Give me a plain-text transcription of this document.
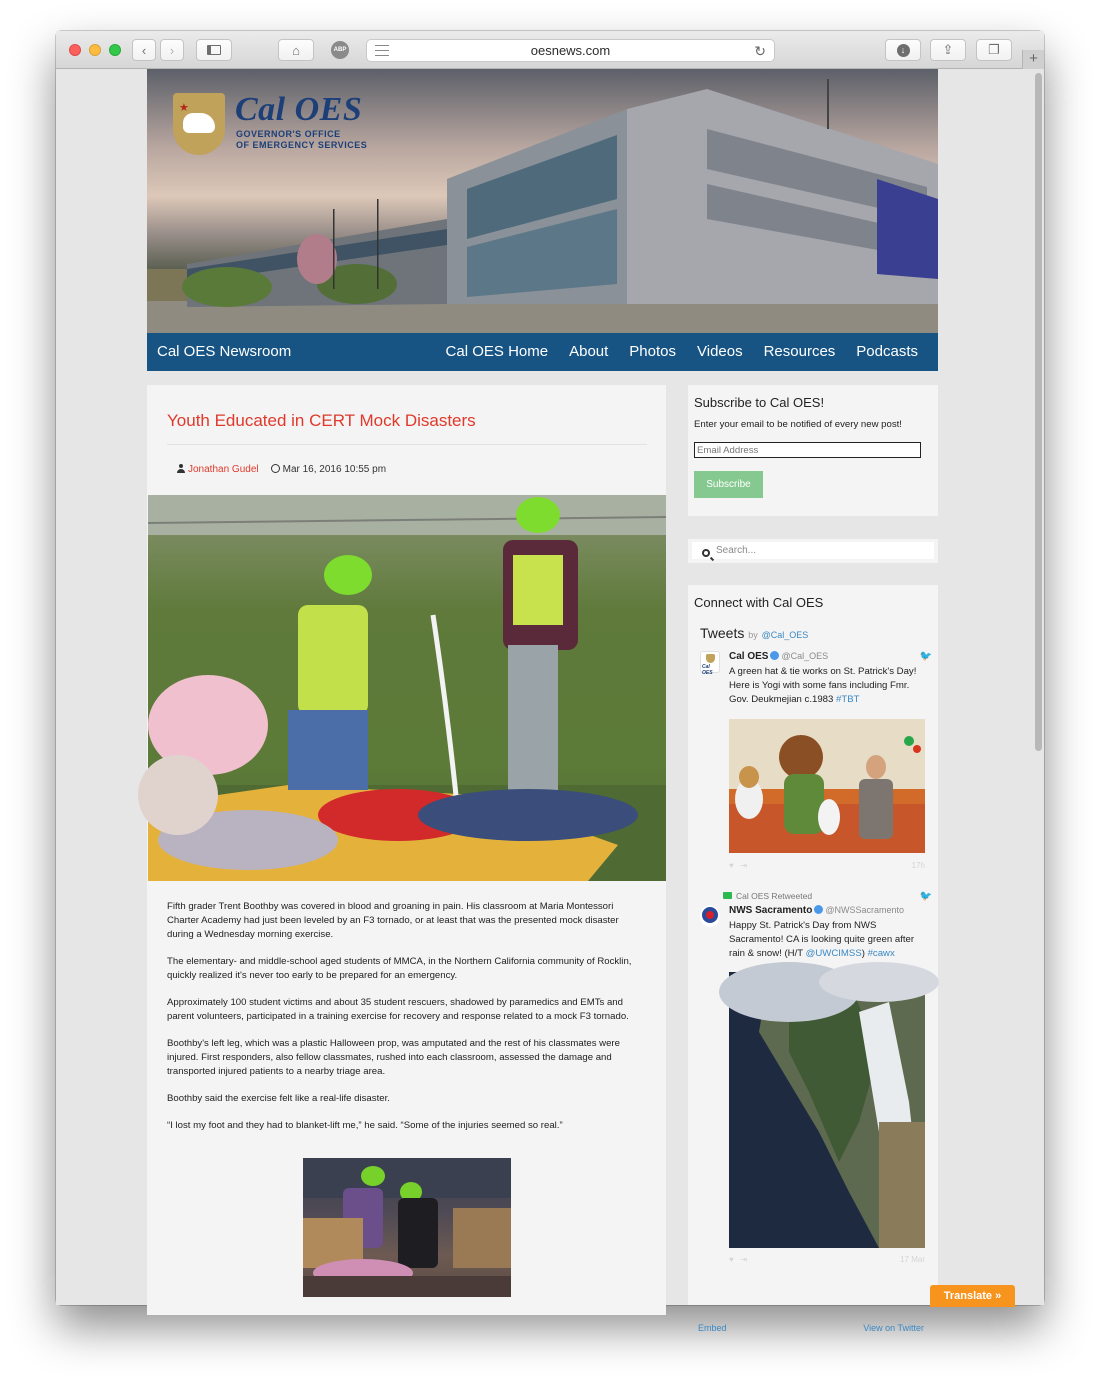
‹ ›	⌂	ABP	oesnews.com	↻	↓	⇪	❐
+
★ Cal OES
GOVERNOR'S OFFICE
OF EMERGENCY SERVICES
Cal OES Newsroom	Cal OES Home About Photos Videos Resources Podcasts
Youth Educated in CERT Mock Disasters
Jonathan Gudel	Mar 16, 2016 10:55 pm

Fifth grader Trent Boothby was covered in blood and groaning in pain. His classroom at Maria Montessori Charter Academy had just been leveled by an F3 tornado, or at least that was the presented mock disaster during a Wednesday morning exercise.

The elementary- and middle-school aged students of MMCA, in the Northern California community of Rocklin, quickly realized it's never too early to be prepared for an emergency.

Approximately 100 student victims and about 35 student rescuers, shadowed by paramedics and EMTs and parent volunteers, participated in a training exercise for recovery and response related to a mock F3 tornado.

Boothby's left leg, which was a plastic Halloween prop, was amputated and the rest of his classmates were injured. First responders, also fellow classmates, rushed into each classroom, assessed the damage and transported injured patients to a nearby triage area.

Boothby said the exercise felt like a real-life disaster.

“I lost my foot and they had to blanket-lift me,” he said. “Some of the injuries seemed so real.”

Subscribe to Cal OES!
Enter your email to be notified of every new post!
Email Address
Subscribe
Search...
Connect with Cal OES
Tweets by @Cal_OES
Cal OES
Cal OES @Cal_OES	🐦
A green hat & tie works on St. Patrick's Day! Here is Yogi with some fans including Fmr. Gov. Deukmejian c.1983 #TBT
♥ ⇥	17h
Cal OES Retweeted
NWS Sacramento @NWSSacramento
🐦
Happy St. Patrick's Day from NWS Sacramento! CA is looking quite green after rain & snow! (H/T @UWCIMSS) #cawx
♥ ⇥	17 Mar
Embed	View on Twitter
Translate »
